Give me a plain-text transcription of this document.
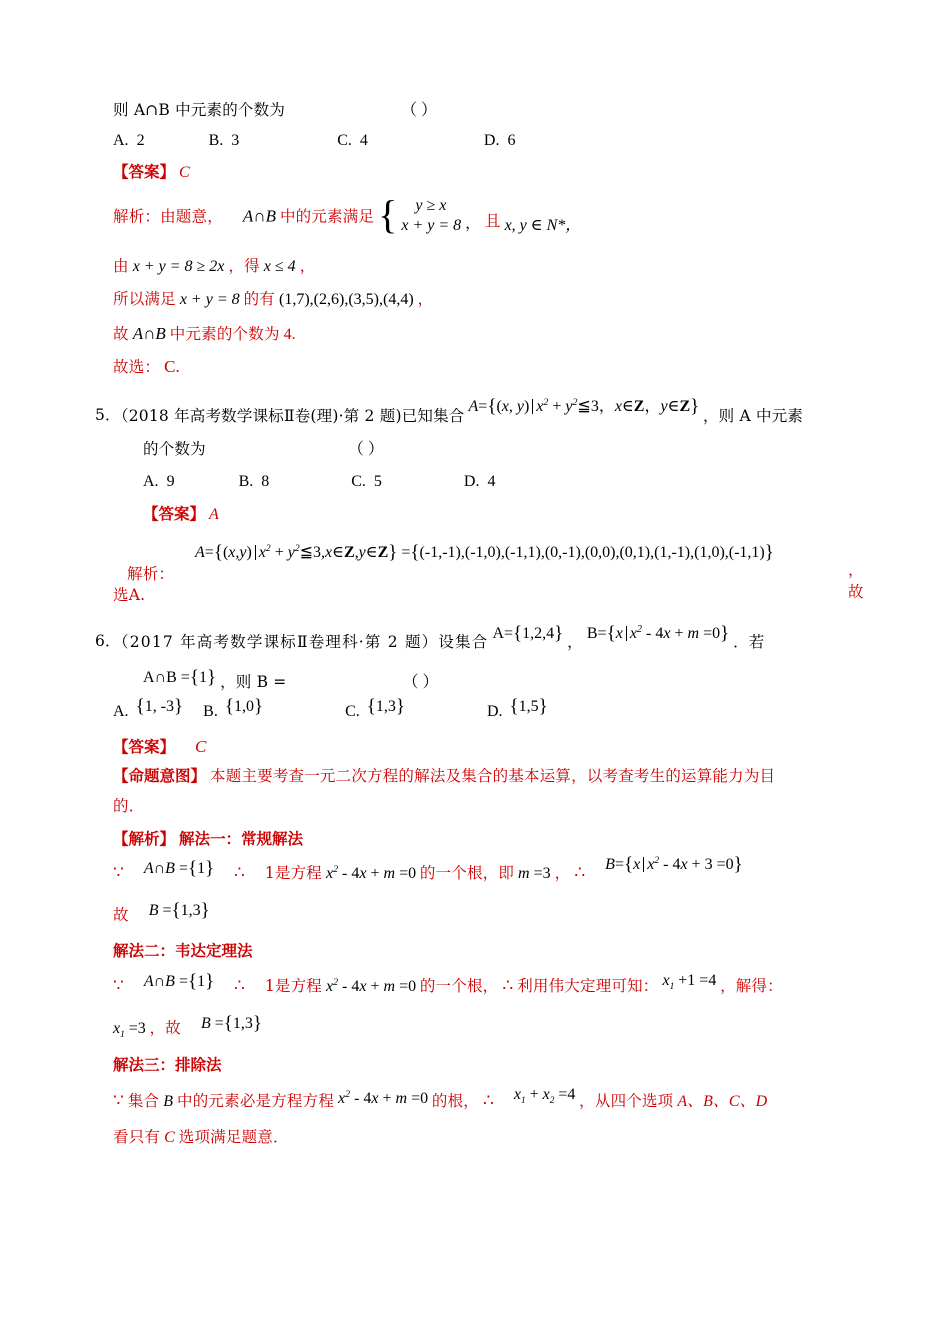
则 A∩B 中元素的个数为	（ ）
A. 2	B. 3	C. 4	D. 6
【答案】 C
解析：由题意， A∩B 中的元素满足 {	y ≥ x
x + y = 8 ， 且 x, y ∈ N*，
由 x + y = 8 ≥ 2x ，得 x ≤ 4 ，
所以满足 x + y = 8 的有 (1,7),(2,6),(3,5),(4,4) ，
故 A∩B 中元素的个数为 4.
故选： C.
5．
（2018 年高考数学课标Ⅱ卷(理)·第 2 题)已知集合 A={(x, y) $x^2$ + $y^2≦3$，x∈Z，y∈Z} ，则 A 中元素
的个数为	（ ）
A. 9	B. 8	C. 5	D. 4
【答案】 A
解析：
A={(x,y) $x^2$ + $y^2≦3,x\in Z,y\in Z\} =\{(-1,-1),(-1,0),(-1,1),(0,-1),(0,0),(0,1),(1,-1),(1,0),(-1,1)\}$
，故
选A.
6．
（2017 年高考数学课标Ⅱ卷理科·第 2 题）设集合 A={1,2,4} ， B={x $x^2 - 4x + m =0$} ．若
A∩B ={1} ，则 B =	（ ）
A. {1, -3} B. {1,0}	C. {1,3}	D. {1,5}
【答案】 C
【命题意图】 本题主要考查一元二次方程的解法及集合的基本运算，以考查考生的运算能力为目
的．
【解析】 解法一：常规解法
∵ A∩B ={1} ∴ 1是方程 $x^2 - 4x + m =0$ 的一个根，即 m =3 ， ∴ B={x $x^2 - 4x + 3 =0$}
故 B ={1,3}
解法二：韦达定理法
∵ A∩B ={1} ∴ 1是方程 $x^2 - 4x + m =0$ 的一个根， ∴ 利用伟大定理可知： $x_1 +1 =4$ ，解得：
$x_1 =3$ ，故 B ={1,3}
解法三：排除法
∵ 集合 B 中的元素必是方程方程 $x^2 - 4x + m =0$ 的根， ∴ $x_1 + x_2 =4$ ，从四个选项 A、B、C、D
看只有 C 选项满足题意．
